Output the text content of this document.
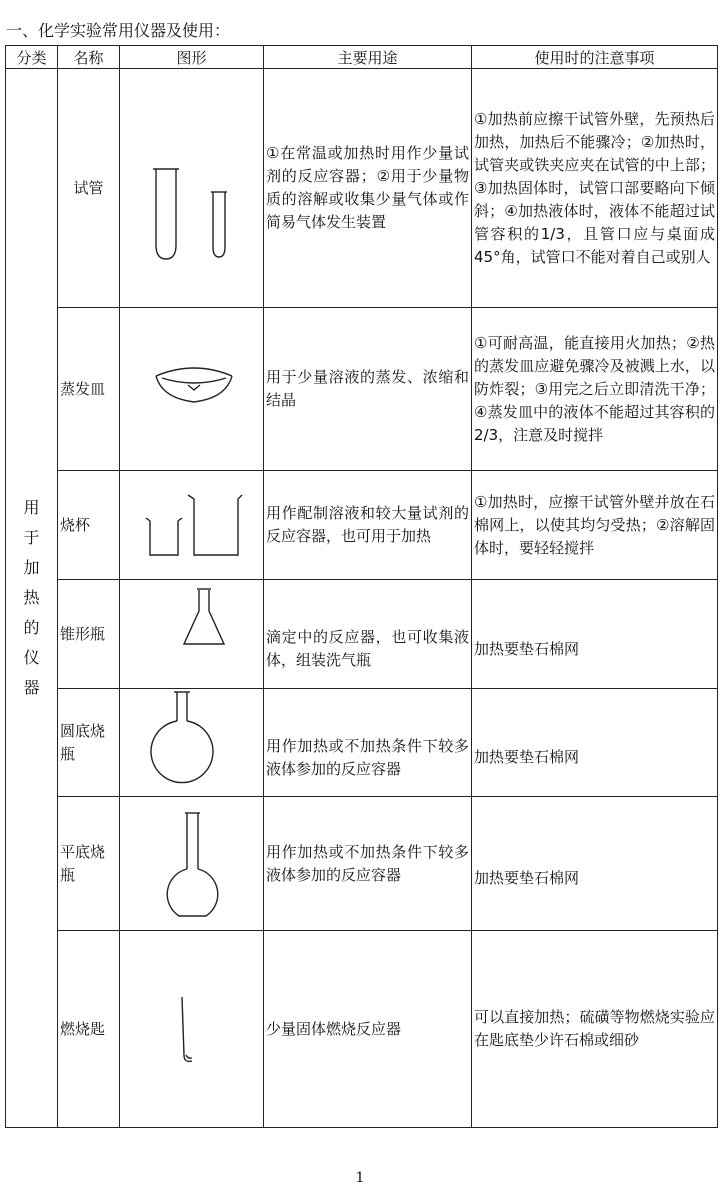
一、化学实验常用仪器及使用：
分类	名称	图形	主要用途	使用时的注意事项
用于加热的仪器	试管		①在常温或加热时用作少量试剂的反应容器；②用于少量物质的溶解或收集少量气体或作简易气体发生装置	①加热前应擦干试管外壁，先预热后加热，加热后不能骤冷；②加热时，试管夹或铁夹应夹在试管的中上部；③加热固体时，试管口部要略向下倾斜；④加热液体时，液体不能超过试管容积的1/3，且管口应与桌面成45°角，试管口不能对着自己或别人
	蒸发皿		用于少量溶液的蒸发、浓缩和结晶	①可耐高温，能直接用火加热；②热的蒸发皿应避免骤冷及被溅上水，以防炸裂；③用完之后立即清洗干净；④蒸发皿中的液体不能超过其容积的2/3，注意及时搅拌
	烧杯		用作配制溶液和较大量试剂的反应容器，也可用于加热	①加热时，应擦干试管外壁并放在石棉网上，以使其均匀受热；②溶解固体时，要轻轻搅拌
	锥形瓶		滴定中的反应器，也可收集液体，组装洗气瓶	加热要垫石棉网
	圆底烧瓶		用作加热或不加热条件下较多液体参加的反应容器	加热要垫石棉网
	平底烧瓶		用作加热或不加热条件下较多液体参加的反应容器	加热要垫石棉网
	燃烧匙		少量固体燃烧反应器	可以直接加热；硫磺等物燃烧实验应在匙底垫少许石棉或细砂
1
